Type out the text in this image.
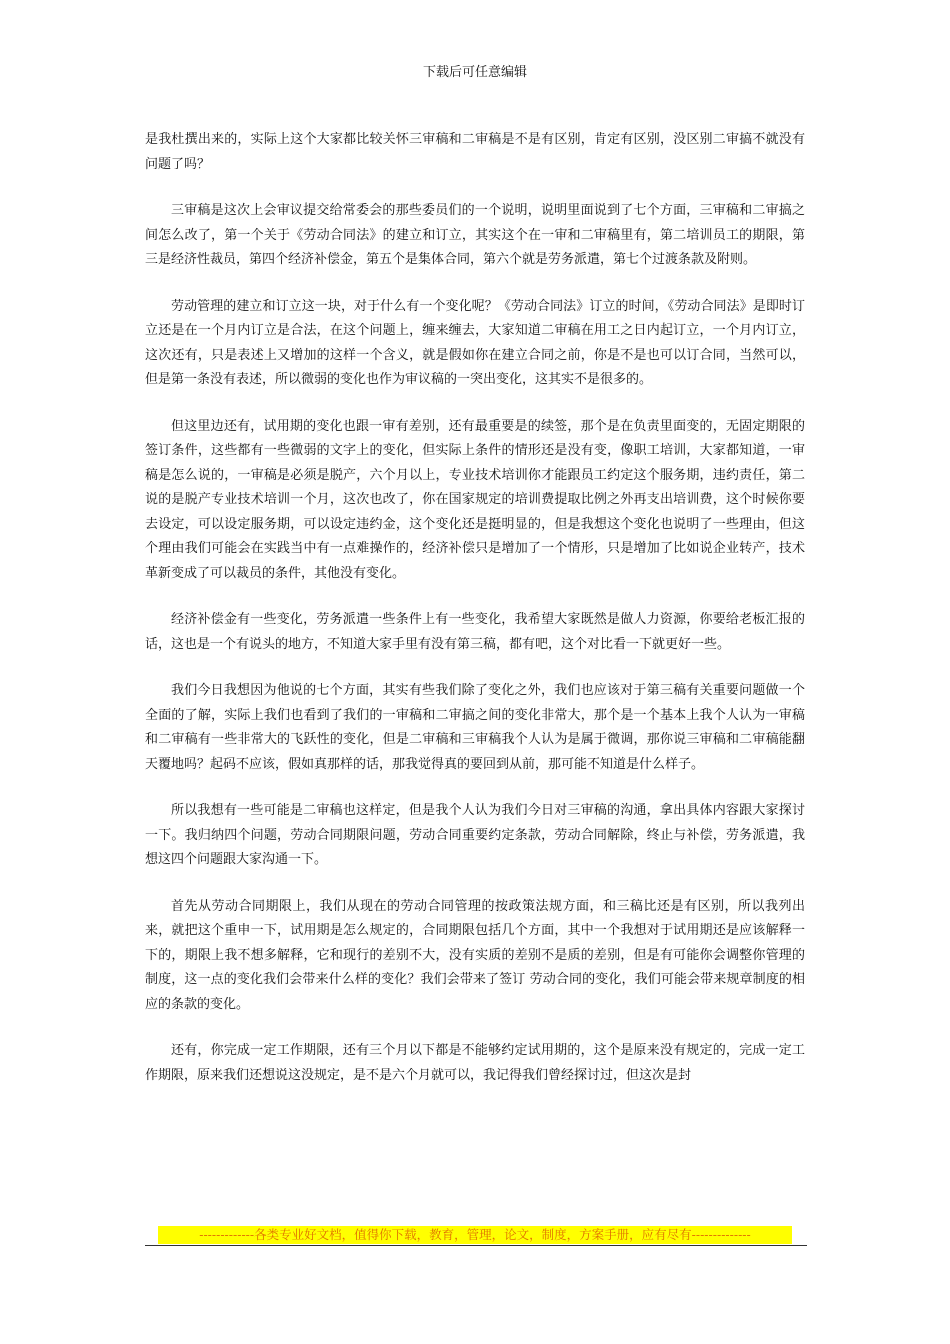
下载后可任意编辑

是我杜撰出来的，实际上这个大家都比较关怀三审稿和二审稿是不是有区别，肯定有区别，没区别二审搞不就没有问题了吗？

三审稿是这次上会审议提交给常委会的那些委员们的一个说明，说明里面说到了七个方面，三审稿和二审搞之间怎么改了，第一个关于《劳动合同法》的建立和订立，其实这个在一审和二审稿里有，第二培训员工的期限，第三是经济性裁员，第四个经济补偿金，第五个是集体合同，第六个就是劳务派遣，第七个过渡条款及附则。

劳动管理的建立和订立这一块，对于什么有一个变化呢？《劳动合同法》订立的时间，《劳动合同法》是即时订立还是在一个月内订立是合法，在这个问题上，缠来缠去，大家知道二审稿在用工之日内起订立，一个月内订立，这次还有，只是表述上又增加的这样一个含义，就是假如你在建立合同之前，你是不是也可以订合同，当然可以，但是第一条没有表述，所以微弱的变化也作为审议稿的一突出变化，这其实不是很多的。

但这里边还有，试用期的变化也跟一审有差别，还有最重要是的续签，那个是在负责里面变的，无固定期限的签订条件，这些都有一些微弱的文字上的变化，但实际上条件的情形还是没有变，像职工培训，大家都知道，一审稿是怎么说的，一审稿是必须是脱产，六个月以上，专业技术培训你才能跟员工约定这个服务期，违约责任，第二说的是脱产专业技术培训一个月，这次也改了，你在国家规定的培训费提取比例之外再支出培训费，这个时候你要去设定，可以设定服务期，可以设定违约金，这个变化还是挺明显的，但是我想这个变化也说明了一些理由，但这个理由我们可能会在实践当中有一点难操作的，经济补偿只是增加了一个情形，只是增加了比如说企业转产，技术革新变成了可以裁员的条件，其他没有变化。

经济补偿金有一些变化，劳务派遣一些条件上有一些变化，我希望大家既然是做人力资源，你要给老板汇报的话，这也是一个有说头的地方，不知道大家手里有没有第三稿，都有吧，这个对比看一下就更好一些。

我们今日我想因为他说的七个方面，其实有些我们除了变化之外，我们也应该对于第三稿有关重要问题做一个全面的了解，实际上我们也看到了我们的一审稿和二审搞之间的变化非常大，那个是一个基本上我个人认为一审稿和二审稿有一些非常大的飞跃性的变化，但是二审稿和三审稿我个人认为是属于微调，那你说三审稿和二审稿能翻天覆地吗？起码不应该，假如真那样的话，那我觉得真的要回到从前，那可能不知道是什么样子。

所以我想有一些可能是二审稿也这样定，但是我个人认为我们今日对三审稿的沟通，拿出具体内容跟大家探讨一下。我归纳四个问题，劳动合同期限问题，劳动合同重要约定条款，劳动合同解除，终止与补偿，劳务派遣，我想这四个问题跟大家沟通一下。

首先从劳动合同期限上，我们从现在的劳动合同管理的按政策法规方面，和三稿比还是有区别，所以我列出来，就把这个重申一下，试用期是怎么规定的，合同期限包括几个方面，其中一个我想对于试用期还是应该解释一下的，期限上我不想多解释，它和现行的差别不大，没有实质的差别不是质的差别，但是有可能你会调整你管理的制度，这一点的变化我们会带来什么样的变化？我们会带来了签订 劳动合同的变化，我们可能会带来规章制度的相应的条款的变化。

还有，你完成一定工作期限，还有三个月以下都是不能够约定试用期的，这个是原来没有规定的，完成一定工作期限，原来我们还想说这没规定，是不是六个月就可以，我记得我们曾经探讨过，但这次是封

-------------各类专业好文档，值得你下载，教育，管理，论文，制度，方案手册，应有尽有--------------
